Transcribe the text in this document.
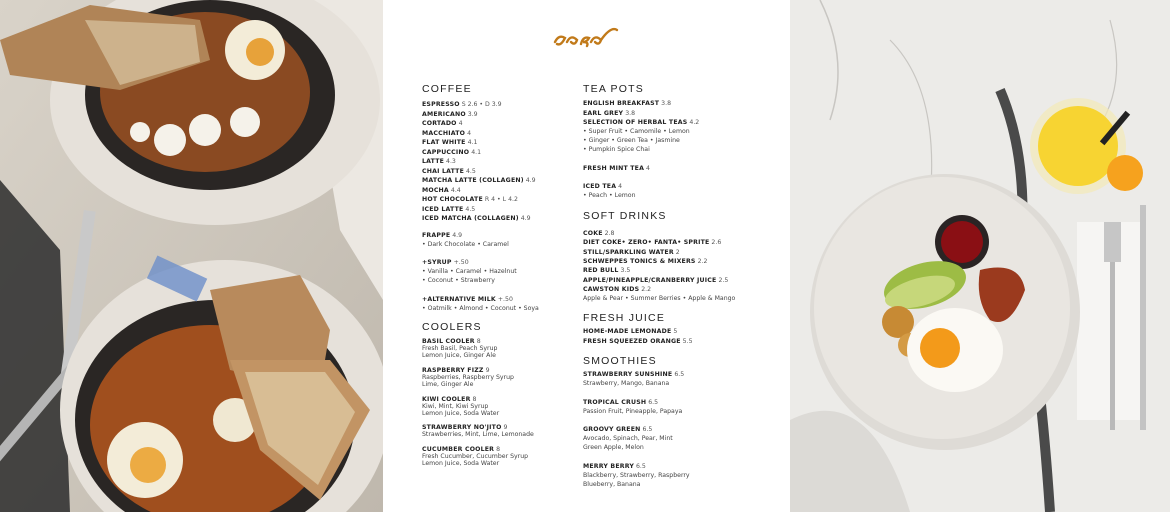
COFFEE
ESPRESSO S 2.6 • D 3.9
AMERICANO 3.9
CORTADO 4
MACCHIATO 4
FLAT WHITE 4.1
CAPPUCCINO 4.1
LATTE 4.3
CHAI LATTE 4.5
MATCHA LATTE (COLLAGEN) 4.9
MOCHA 4.4
HOT CHOCOLATE R 4 • L 4.2
ICED LATTE 4.5
ICED MATCHA (COLLAGEN) 4.9
FRAPPE 4.9
• Dark Chocolate • Caramel
+SYRUP +.50
• Vanilla • Caramel • Hazelnut
• Coconut • Strawberry
+ALTERNATIVE MILK +.50
• Oatmilk • Almond • Coconut • Soya
COOLERS
BASIL COOLER 8
Fresh Basil, Peach Syrup
Lemon Juice, Ginger Ale
RASPBERRY FIZZ 9
Raspberries, Raspberry Syrup
Lime, Ginger Ale
KIWI COOLER 8
Kiwi, Mint, Kiwi Syrup
Lemon Juice, Soda Water
STRAWBERRY NO'JITO 9
Strawberries, Mint, Lime, Lemonade
CUCUMBER COOLER 8
Fresh Cucumber, Cucumber Syrup
Lemon Juice, Soda Water
TEA POTS
ENGLISH BREAKFAST 3.8
EARL GREY 3.8
SELECTION OF HERBAL TEAS 4.2
• Super Fruit • Camomile • Lemon
• Ginger • Green Tea • Jasmine
• Pumpkin Spice Chai
FRESH MINT TEA 4
ICED TEA 4
• Peach • Lemon
SOFT DRINKS
COKE 2.8
DIET COKE• ZERO• FANTA• SPRITE 2.6
STILL/SPARKLING WATER 2
SCHWEPPES TONICS & MIXERS 2.2
RED BULL 3.5
APPLE/PINEAPPLE/CRANBERRY JUICE 2.5
CAWSTON KIDS 2.2
Apple & Pear • Summer Berries • Apple & Mango
FRESH JUICE
HOME-MADE LEMONADE 5
FRESH SQUEEZED ORANGE 5.5
SMOOTHIES
STRAWBERRY SUNSHINE 6.5
Strawberry, Mango, Banana
TROPICAL CRUSH 6.5
Passion Fruit, Pineapple, Papaya
GROOVY GREEN 6.5
Avocado, Spinach, Pear, Mint
Green Apple, Melon
MERRY BERRY 6.5
Blackberry, Strawberry, Raspberry
Blueberry, Banana
